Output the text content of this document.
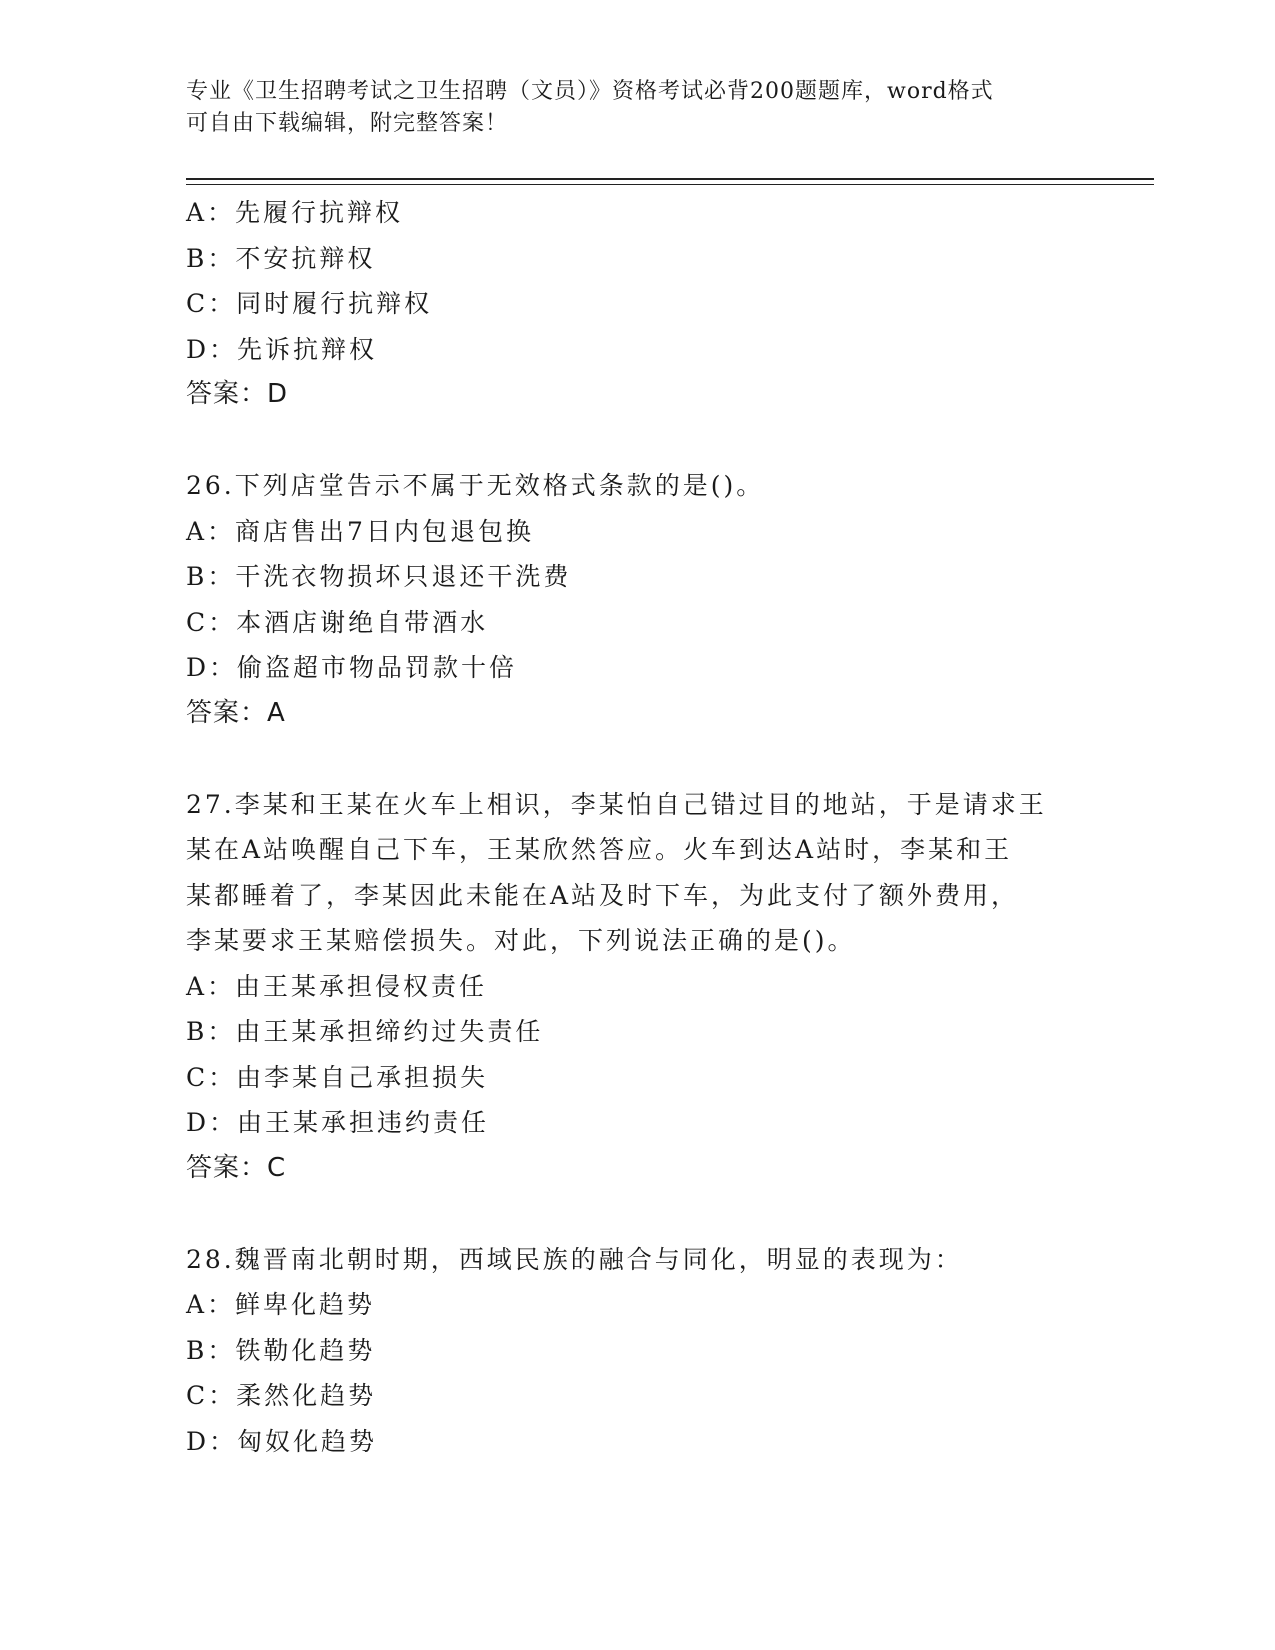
专业《卫生招聘考试之卫生招聘（文员）》资格考试必背200题题库，word格式
可自由下载编辑，附完整答案！
A：先履行抗辩权
B：不安抗辩权
C：同时履行抗辩权
D：先诉抗辩权
答案：D
26.下列店堂告示不属于无效格式条款的是()。
A：商店售出7日内包退包换
B：干洗衣物损坏只退还干洗费
C：本酒店谢绝自带酒水
D：偷盗超市物品罚款十倍
答案：A
27.李某和王某在火车上相识，李某怕自己错过目的地站，于是请求王
某在A站唤醒自己下车，王某欣然答应。火车到达A站时，李某和王
某都睡着了，李某因此未能在A站及时下车，为此支付了额外费用，
李某要求王某赔偿损失。对此，下列说法正确的是()。
A：由王某承担侵权责任
B：由王某承担缔约过失责任
C：由李某自己承担损失
D：由王某承担违约责任
答案：C
28.魏晋南北朝时期，西域民族的融合与同化，明显的表现为：
A：鲜卑化趋势
B：铁勒化趋势
C：柔然化趋势
D：匈奴化趋势
